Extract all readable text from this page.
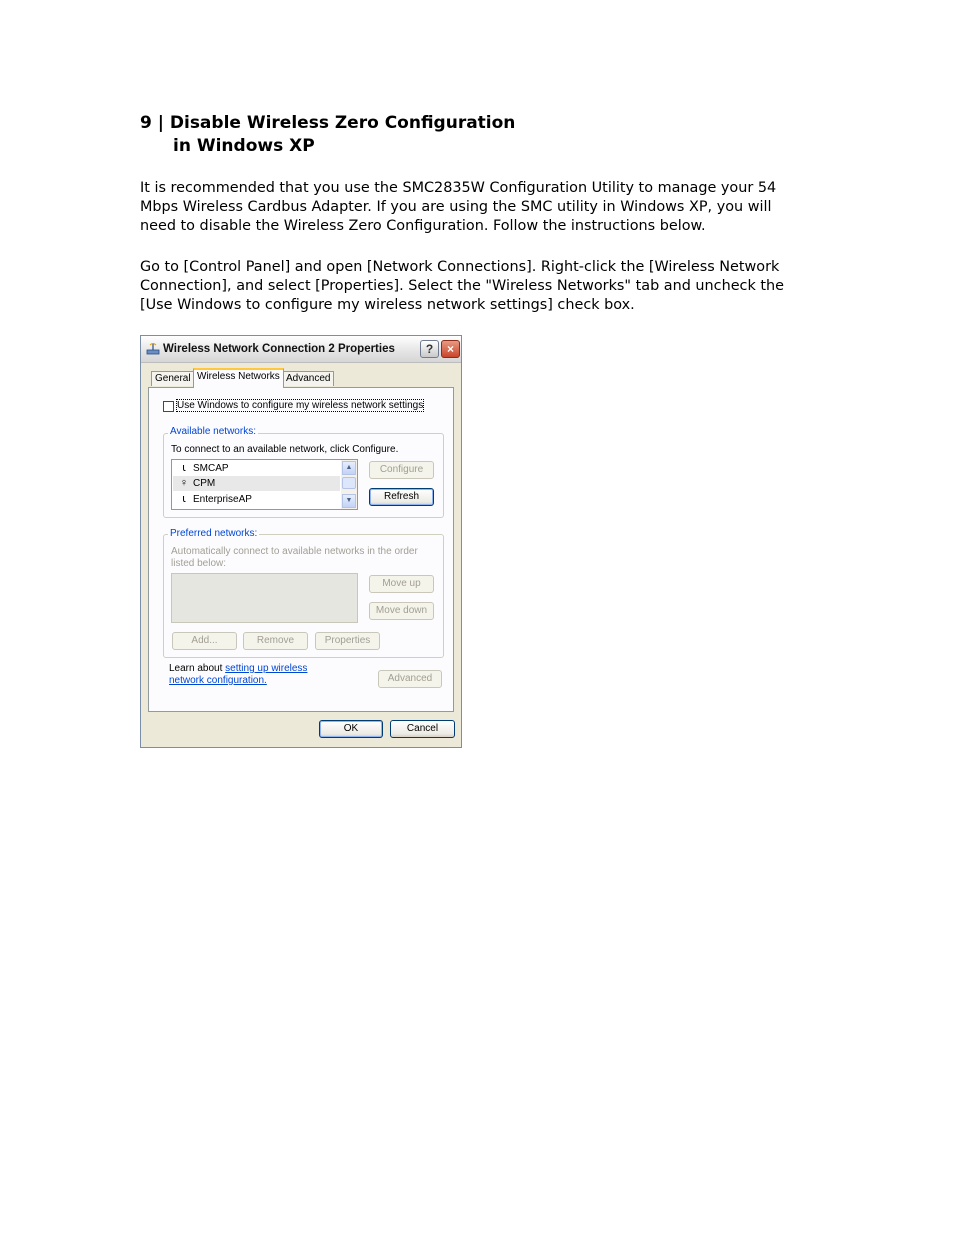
9 | Disable Wireless Zero Configuration
in Windows XP
It is recommended that you use the SMC2835W Configuration Utility to manage your 54 Mbps Wireless Cardbus Adapter. If you are using the SMC utility in Windows XP, you will need to disable the Wireless Zero Configuration. Follow the instructions below.
Go to [Control Panel] and open [Network Connections]. Right-click the [Wireless Network Connection], and select [Properties]. Select the "Wireless Networks" tab and uncheck the [Use Windows to configure my wireless network settings] check box.
Wireless Network Connection 2 Properties	?	×
General Wireless Networks Advanced
Use Windows to configure my wireless network settings
Available networks:
To connect to an available network, click Configure.
ꙇ SMCAP
♀ CPM
ꙇ EnterpriseAP
▲
▼
Configure
Refresh
Preferred networks:
Automatically connect to available networks in the order listed below:
Move up
Move down
Add...	Remove	Properties
Learn about setting up wireless network configuration.	Advanced
OK	Cancel
